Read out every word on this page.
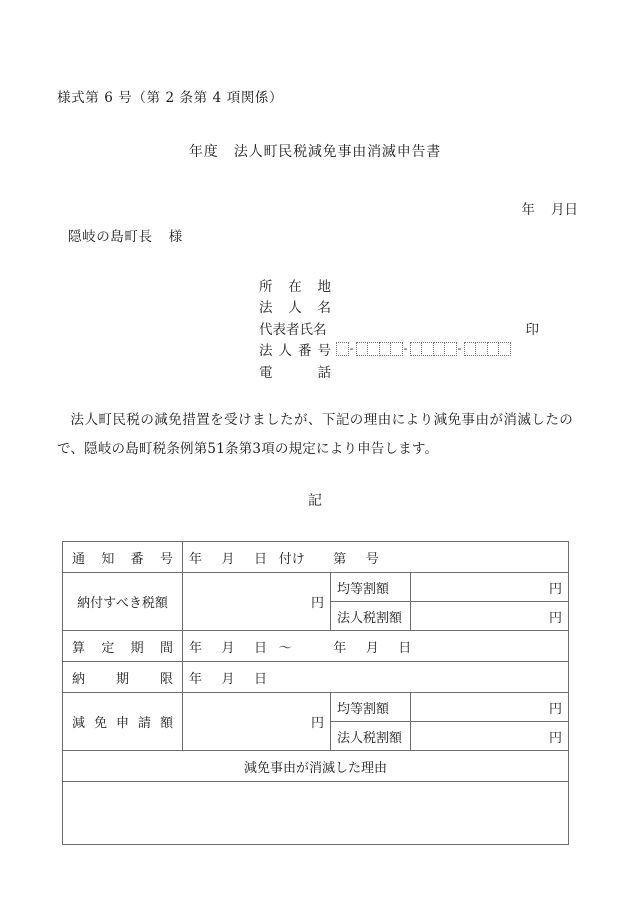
様式第 6 号（第 2 条第 4 項関係）
年度 法人町民税減免事由消滅申告書
年 月日
隠岐の島町長 様
所 在 地
法 人 名
代表者氏名	印
法 人 番 号 -	-	-
電	話
法人町民税の減免措置を受けましたが、下記の理由により減免事由が消滅したので、隠岐の島町税条例第51条第3項の規定により申告します。
記
通 知 番 号	年 月 日 付け 第 号		
納付すべき税額	円	均等割額	円
		法人税割額	円

算 定 期 間	年 月 日 ～ 年 月 日		

納 期 限	年 月 日		

減 免 申 請 額	円	均等割額	円
		法人税割額	円
減免事由が消滅した理由			
